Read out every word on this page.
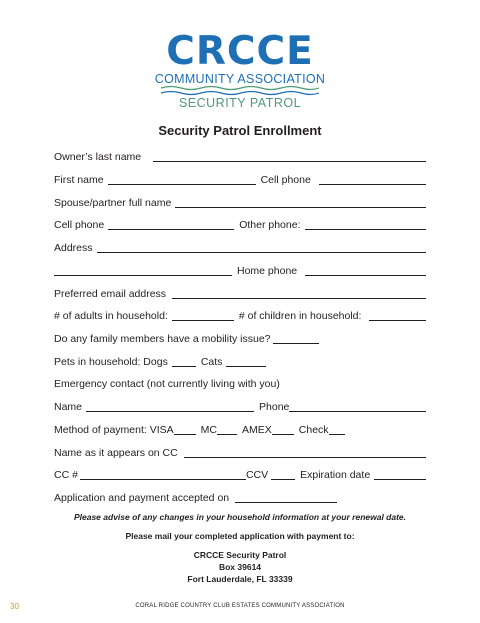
CRCCE
COMMUNITY ASSOCIATION
SECURITY PATROL
Security Patrol Enrollment
Owner’s last name
First name	Cell phone
Spouse/partner full name
Cell phone	Other phone:
Address
Home phone
Preferred email address
# of adults in household:	# of children in household:
Do any family members have a mobility issue?
Pets in household: Dogs	Cats
Emergency contact (not currently living with you)
Name	Phone
Method of payment: VISA	MC AMEX	Check
Name as it appears on CC
CC #	CCV	Expiration date
Application and payment accepted on
Please advise of any changes in your household information at your renewal date.
Please mail your completed application with payment to:
CRCCE Security Patrol
Box 39614
Fort Lauderdale, FL 33339
30	CORAL RIDGE COUNTRY CLUB ESTATES COMMUNITY ASSOCIATION
